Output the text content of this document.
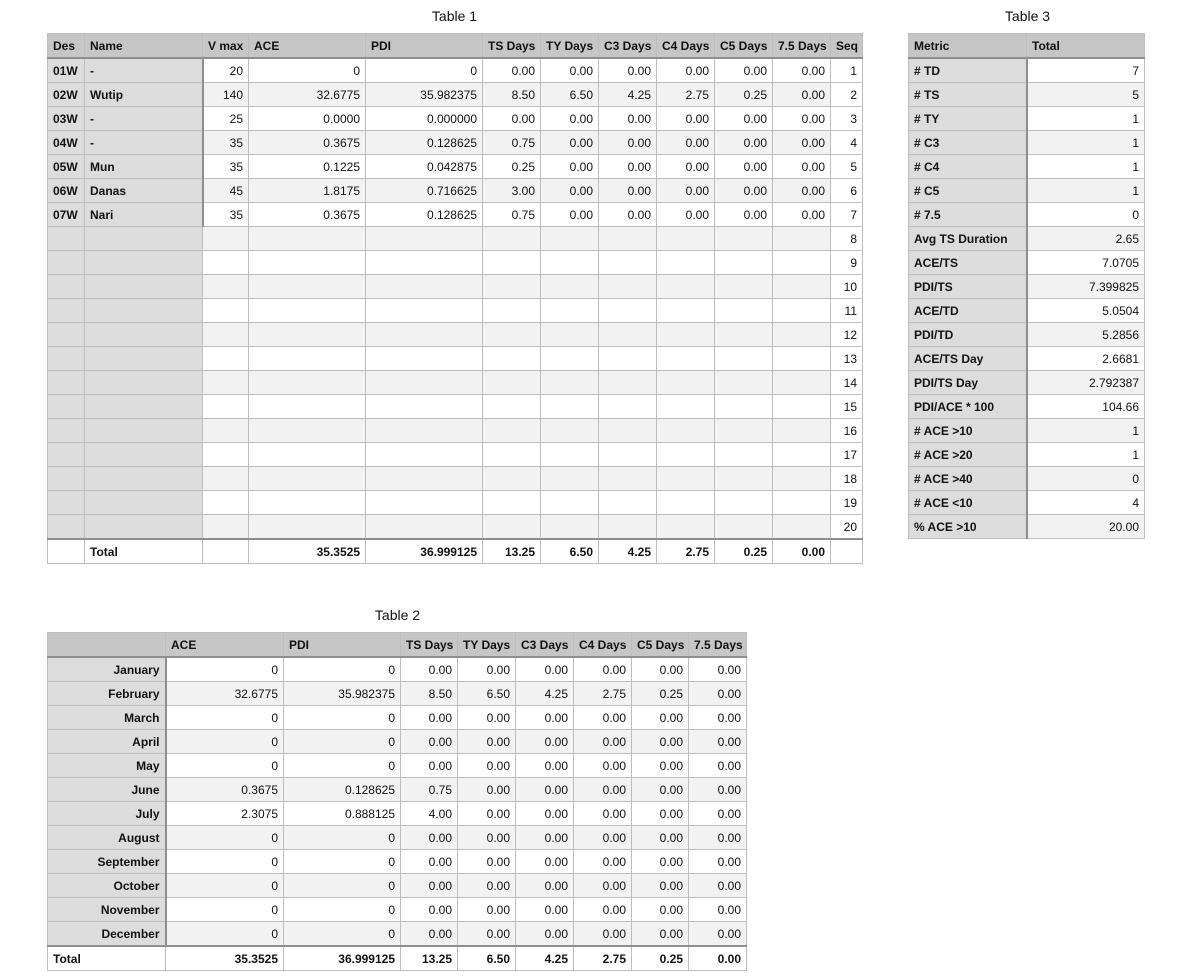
Table 1
Des	Name	V max	ACE	PDI	TS Days	TY Days	C3 Days	C4 Days	C5 Days	7.5 Days	Seq
01W	-	20	0	0	0.00	0.00	0.00	0.00	0.00	0.00	1
02W	Wutip	140	32.6775	35.982375	8.50	6.50	4.25	2.75	0.25	0.00	2
03W	-	25	0.0000	0.000000	0.00	0.00	0.00	0.00	0.00	0.00	3
04W	-	35	0.3675	0.128625	0.75	0.00	0.00	0.00	0.00	0.00	4
05W	Mun	35	0.1225	0.042875	0.25	0.00	0.00	0.00	0.00	0.00	5
06W	Danas	45	1.8175	0.716625	3.00	0.00	0.00	0.00	0.00	0.00	6
07W	Nari	35	0.3675	0.128625	0.75	0.00	0.00	0.00	0.00	0.00	7
											8
											9
											10
											11
											12
											13
											14
											15
											16
											17
											18
											19
											20
	Total		35.3525	36.999125	13.25	6.50	4.25	2.75	0.25	0.00	
Table 2
	ACE	PDI	TS Days	TY Days	C3 Days	C4 Days	C5 Days	7.5 Days
January	0	0	0.00	0.00	0.00	0.00	0.00	0.00
February	32.6775	35.982375	8.50	6.50	4.25	2.75	0.25	0.00
March	0	0	0.00	0.00	0.00	0.00	0.00	0.00
April	0	0	0.00	0.00	0.00	0.00	0.00	0.00
May	0	0	0.00	0.00	0.00	0.00	0.00	0.00
June	0.3675	0.128625	0.75	0.00	0.00	0.00	0.00	0.00
July	2.3075	0.888125	4.00	0.00	0.00	0.00	0.00	0.00
August	0	0	0.00	0.00	0.00	0.00	0.00	0.00
September	0	0	0.00	0.00	0.00	0.00	0.00	0.00
October	0	0	0.00	0.00	0.00	0.00	0.00	0.00
November	0	0	0.00	0.00	0.00	0.00	0.00	0.00
December	0	0	0.00	0.00	0.00	0.00	0.00	0.00
Total	35.3525	36.999125	13.25	6.50	4.25	2.75	0.25	0.00
Table 3
Metric	Total
# TD	7
# TS	5
# TY	1
# C3	1
# C4	1
# C5	1
# 7.5	0
Avg TS Duration	2.65
ACE/TS	7.0705
PDI/TS	7.399825
ACE/TD	5.0504
PDI/TD	5.2856
ACE/TS Day	2.6681
PDI/TS Day	2.792387
PDI/ACE * 100	104.66
# ACE >10	1
# ACE >20	1
# ACE >40	0
# ACE <10	4
% ACE >10	20.00
